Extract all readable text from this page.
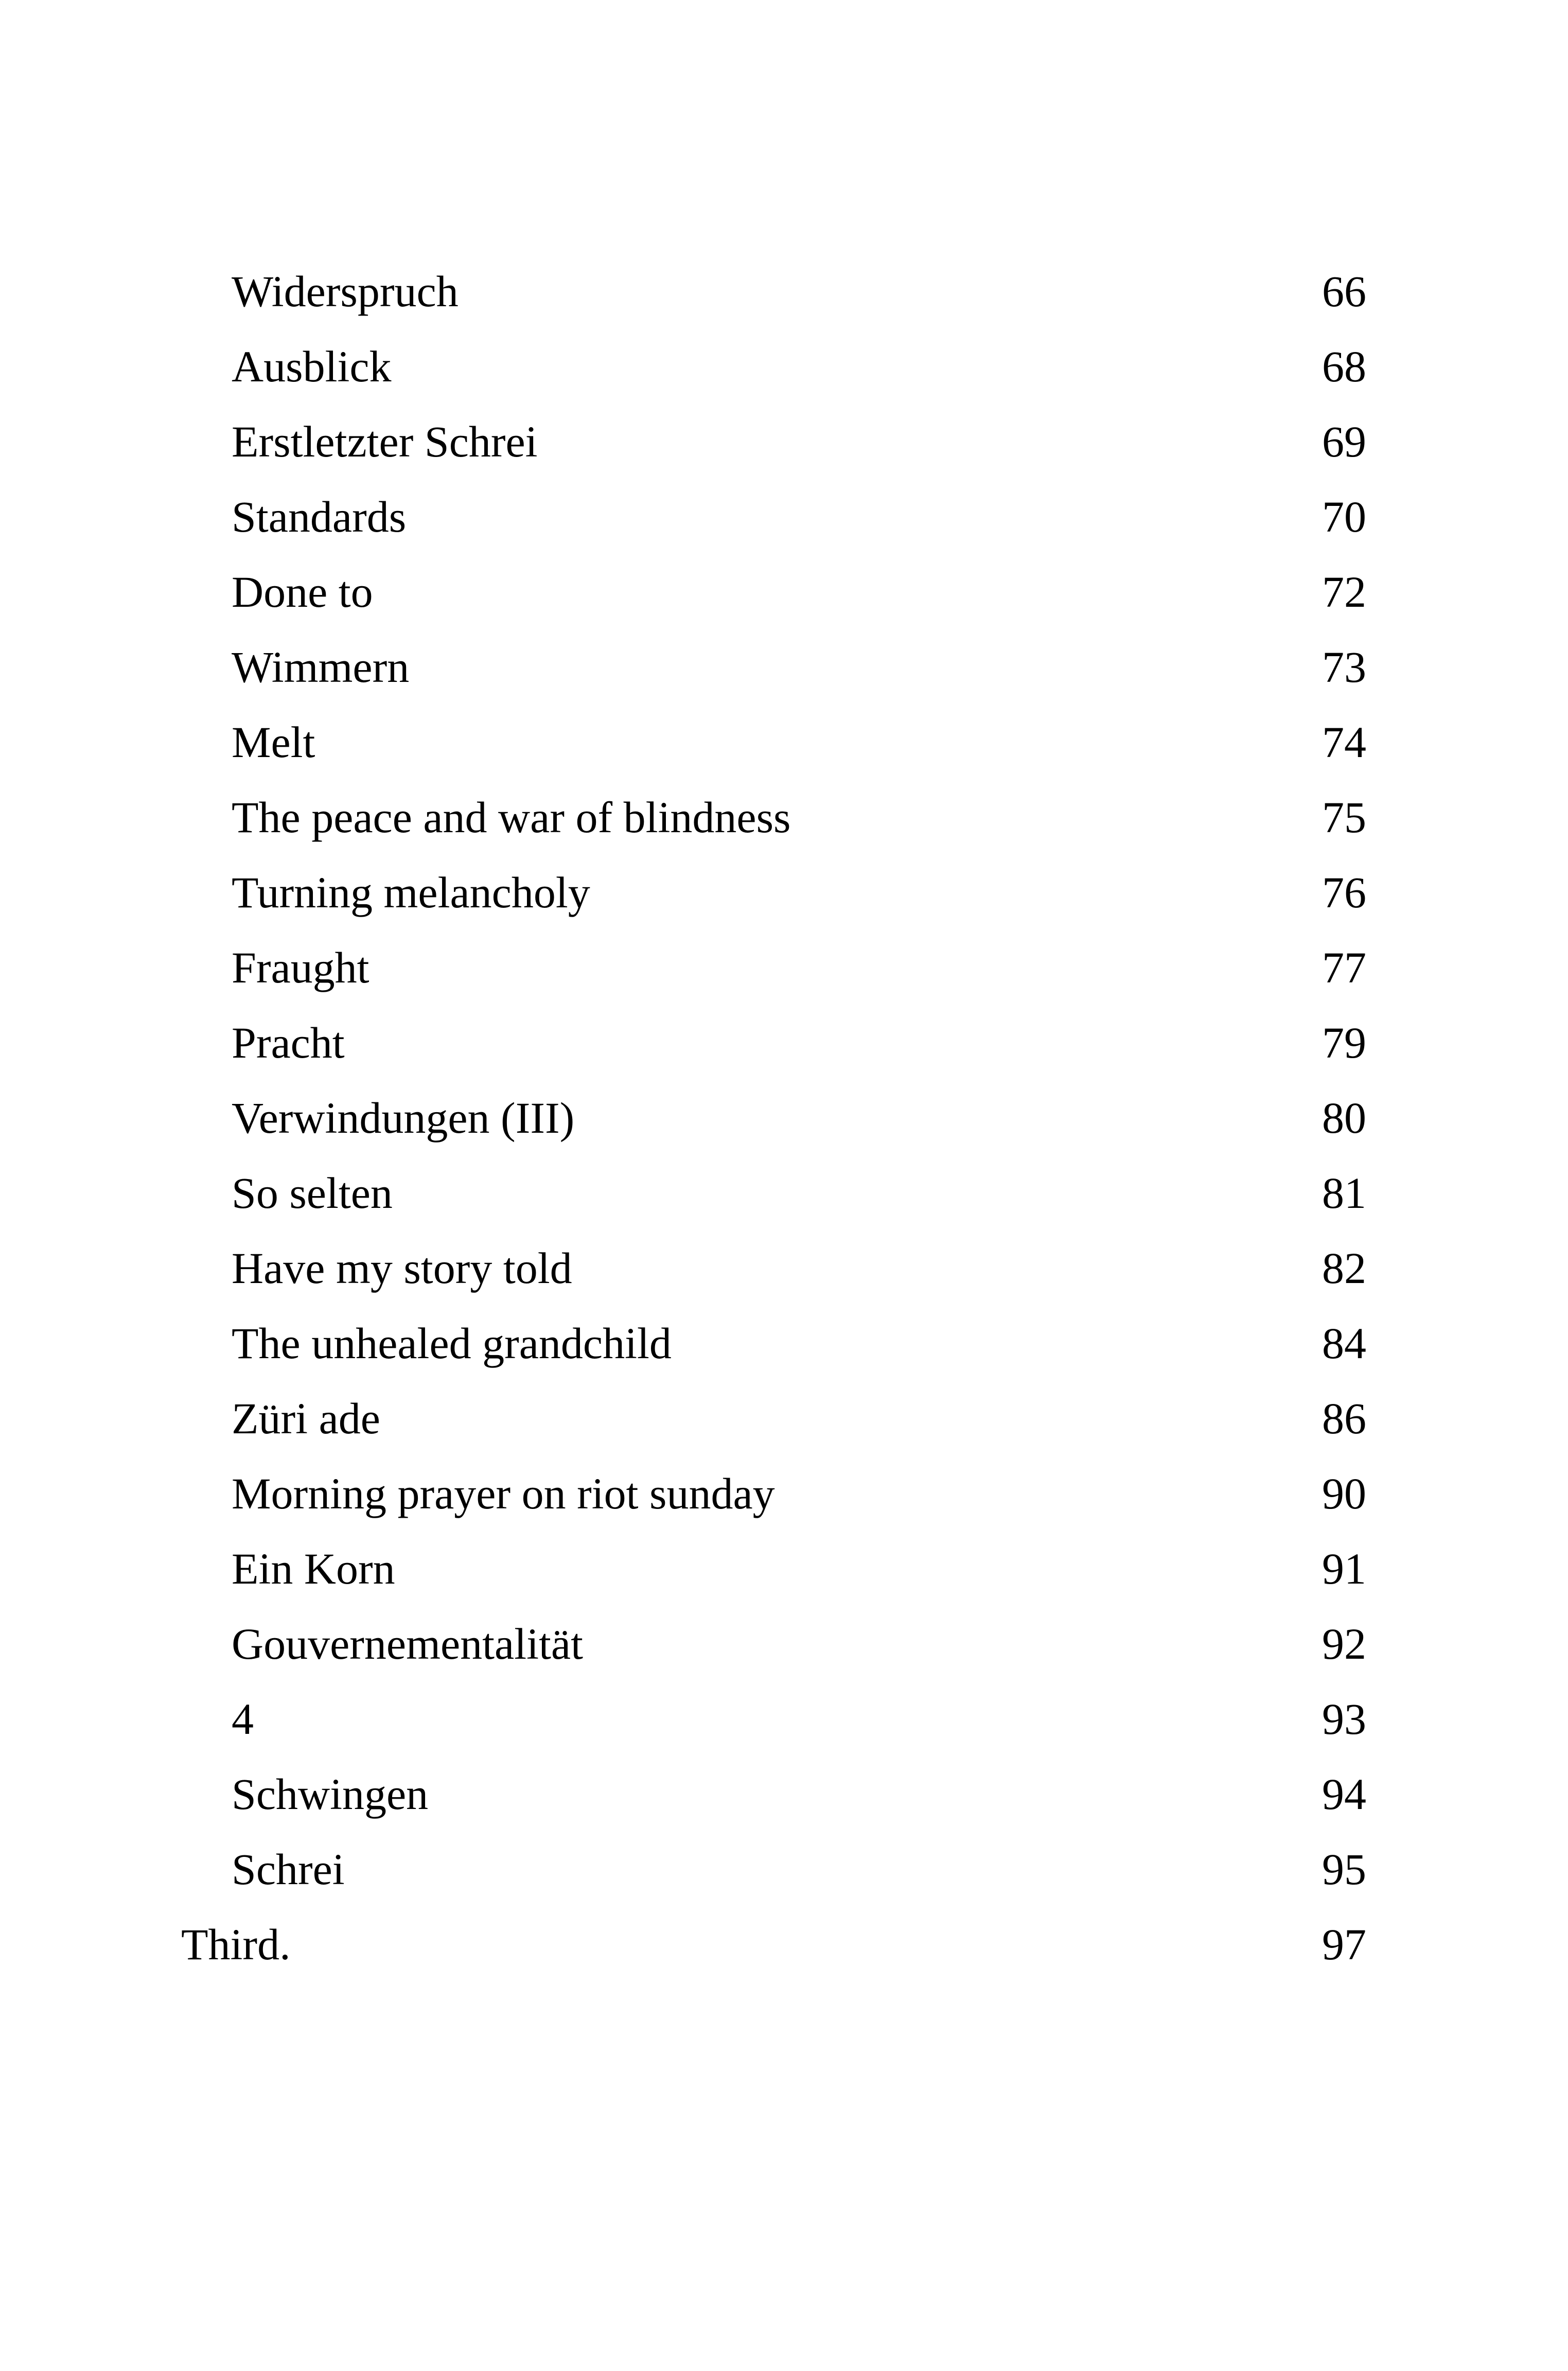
Widerspruch	66
Ausblick	68
Erstletzter Schrei	69
Standards	70
Done to	72
Wimmern	73
Melt	74
The peace and war of blindness	75
Turning melancholy	76
Fraught	77
Pracht	79
Verwindungen (III)	80
So selten	81
Have my story told	82
The unhealed grandchild	84
Züri ade	86
Morning prayer on riot sunday	90
Ein Korn	91
Gouvernementalität	92
4	93
Schwingen	94
Schrei	95
Third.	97
